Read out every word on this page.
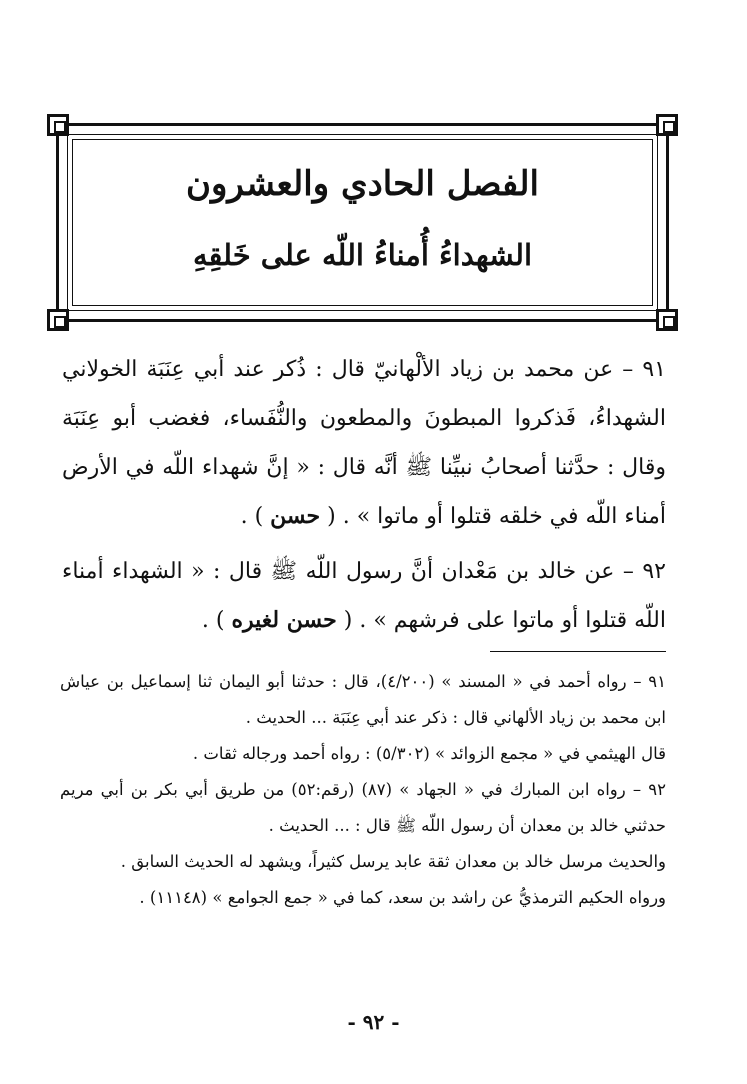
الفصل الحادي والعشرون
الشهداءُ أُمناءُ اللّه على خَلقِهِ

٩١ – عن محمد بن زياد الألْهانيّ قال : ذُكر عند أبي عِنَبَة الخولاني الشهداءُ، فَذكروا المبطونَ والمطعون والنُّفَساء، فغضب أبو عِنَبَة وقال : حدَّثنا أصحابُ نبيِّنا ﷺ أنَّه قال : « إنَّ شهداء اللّه في الأرض أمناء اللّه في خلقه قتلوا أو ماتوا » . ( حسن ) .

٩٢ – عن خالد بن مَعْدان أنَّ رسول اللّه ﷺ قال : « الشهداء أمناء اللّه قتلوا أو ماتوا على فرشهم » . ( حسن لغيره ) .

٩١ – رواه أحمد في « المسند » (٤/٢٠٠)، قال : حدثنا أبو اليمان ثنا إسماعيل بن عياش ابن محمد بن زياد الألهاني قال : ذكر عند أبي عِنَبَة ... الحديث .

قال الهيثمي في « مجمع الزوائد » (٥/٣٠٢) : رواه أحمد ورجاله ثقات .

٩٢ – رواه ابن المبارك في « الجهاد » (٨٧) (رقم:٥٢) من طريق أبي بكر بن أبي مريم حدثني خالد بن معدان أن رسول اللّه ﷺ قال : ... الحديث .

والحديث مرسل خالد بن معدان ثقة عابد يرسل كثيراً، ويشهد له الحديث السابق .

ورواه الحكيم الترمذيُّ عن راشد بن سعد، كما في « جمع الجوامع » (١١١٤٨) .

- ٩٢ -
